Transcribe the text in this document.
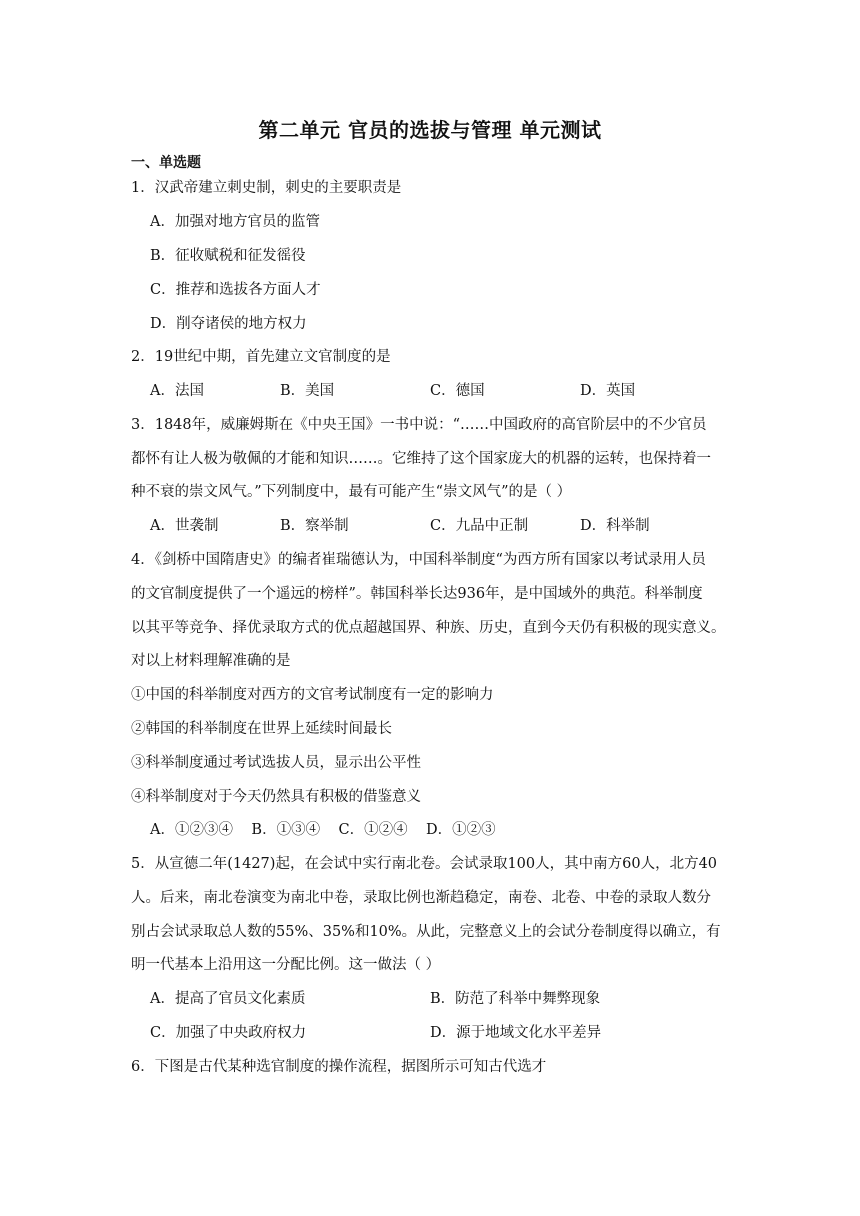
第二单元 官员的选拔与管理 单元测试
一、单选题
1．汉武帝建立刺史制，刺史的主要职责是
A．加强对地方官员的监管
B．征收赋税和征发徭役
C．推荐和选拔各方面人才
D．削夺诸侯的地方权力
2．19世纪中期，首先建立文官制度的是
A．法国	B．美国	C．德国	D．英国
3．1848年，威廉姆斯在《中央王国》一书中说：“……中国政府的高官阶层中的不少官员
都怀有让人极为敬佩的才能和知识……。它维持了这个国家庞大的机器的运转，也保持着一
种不衰的崇文风气。”下列制度中，最有可能产生“崇文风气”的是（ ）
A．世袭制	B．察举制	C．九品中正制	D．科举制
4．《剑桥中国隋唐史》的编者崔瑞德认为，中国科举制度“为西方所有国家以考试录用人员
的文官制度提供了一个遥远的榜样”。韩国科举长达936年，是中国域外的典范。科举制度
以其平等竞争、择优录取方式的优点超越国界、种族、历史，直到今天仍有积极的现实意义。
对以上材料理解准确的是
①中国的科举制度对西方的文官考试制度有一定的影响力
②韩国的科举制度在世界上延续时间最长
③科举制度通过考试选拔人员，显示出公平性
④科举制度对于今天仍然具有积极的借鉴意义
A．①②③④    B．①③④    C．①②④    D．①②③
5．从宣德二年(1427)起，在会试中实行南北卷。会试录取100人，其中南方60人，北方40
人。后来，南北卷演变为南北中卷，录取比例也渐趋稳定，南卷、北卷、中卷的录取人数分
别占会试录取总人数的55%、35%和10%。从此，完整意义上的会试分卷制度得以确立，有
明一代基本上沿用这一分配比例。这一做法（ ）
A．提高了官员文化素质	B．防范了科举中舞弊现象
C．加强了中央政府权力	D．源于地域文化水平差异
6．下图是古代某种选官制度的操作流程，据图所示可知古代选才
